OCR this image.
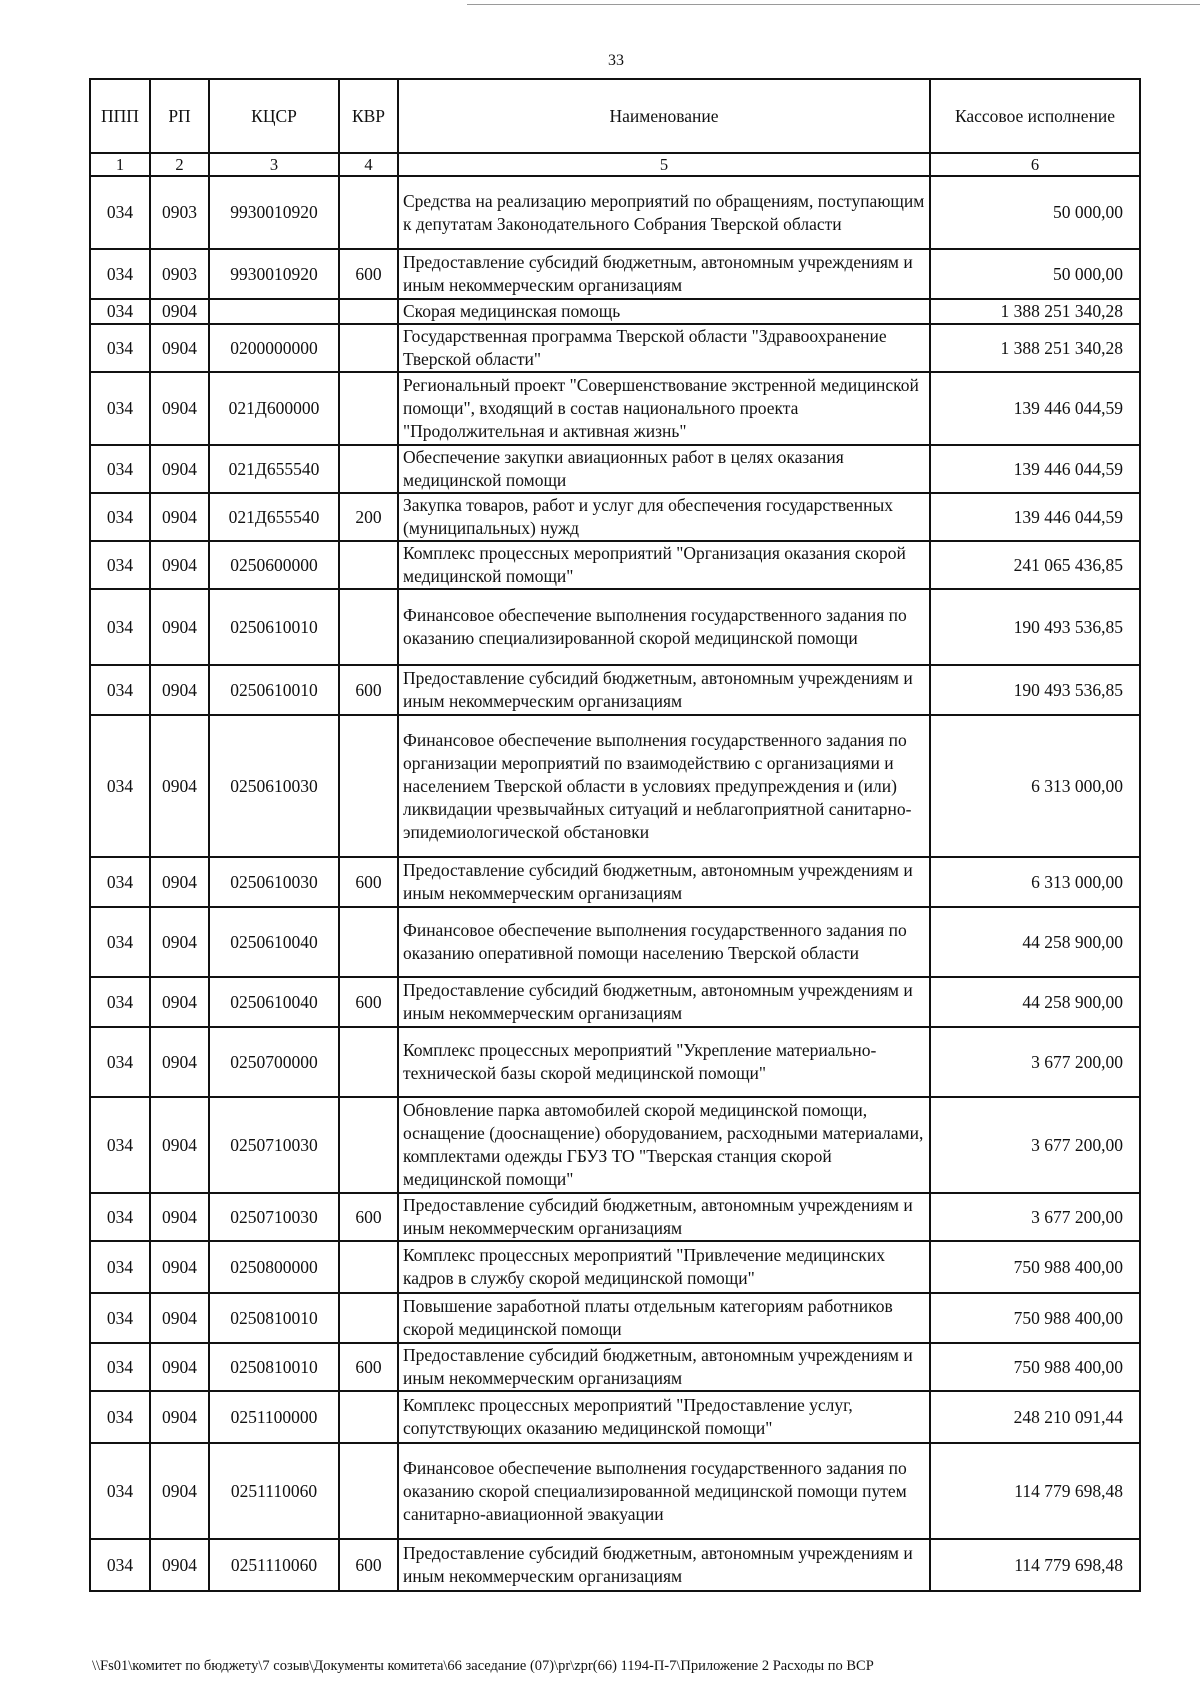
33
ППП	РП	КЦСР	КВР	Наименование	Кассовое исполнение
1	2	3	4	5	6
034	0903	9930010920		Средства на реализацию мероприятий по обращениям, поступающим к депутатам Законодательного Собрания Тверской области	50 000,00
034	0903	9930010920	600	Предоставление субсидий бюджетным, автономным учреждениям и иным некоммерческим организациям	50 000,00
034	0904			Скорая медицинская помощь	1 388 251 340,28
034	0904	0200000000		Государственная программа Тверской области "Здравоохранение Тверской области"	1 388 251 340,28
034	0904	021Д600000		Региональный проект "Совершенствование экстренной медицинской помощи", входящий в состав национального проекта "Продолжительная и активная жизнь"	139 446 044,59
034	0904	021Д655540		Обеспечение закупки авиационных работ в целях оказания медицинской помощи	139 446 044,59
034	0904	021Д655540	200	Закупка товаров, работ и услуг для обеспечения государственных (муниципальных) нужд	139 446 044,59
034	0904	0250600000		Комплекс процессных мероприятий "Организация оказания скорой медицинской помощи"	241 065 436,85
034	0904	0250610010		Финансовое обеспечение выполнения государственного задания по оказанию специализированной скорой медицинской помощи	190 493 536,85
034	0904	0250610010	600	Предоставление субсидий бюджетным, автономным учреждениям и иным некоммерческим организациям	190 493 536,85
034	0904	0250610030		Финансовое обеспечение выполнения государственного задания по организации мероприятий по взаимодействию с организациями и населением Тверской области в условиях предупреждения и (или) ликвидации чрезвычайных ситуаций и неблагоприятной санитарно-эпидемиологической обстановки	6 313 000,00
034	0904	0250610030	600	Предоставление субсидий бюджетным, автономным учреждениям и иным некоммерческим организациям	6 313 000,00
034	0904	0250610040		Финансовое обеспечение выполнения государственного задания по оказанию оперативной помощи населению Тверской области	44 258 900,00
034	0904	0250610040	600	Предоставление субсидий бюджетным, автономным учреждениям и иным некоммерческим организациям	44 258 900,00
034	0904	0250700000		Комплекс процессных мероприятий "Укрепление материально-технической базы скорой медицинской помощи"	3 677 200,00
034	0904	0250710030		Обновление парка автомобилей скорой медицинской помощи, оснащение (дооснащение) оборудованием, расходными материалами, комплектами одежды ГБУЗ ТО "Тверская станция скорой медицинской помощи"	3 677 200,00
034	0904	0250710030	600	Предоставление субсидий бюджетным, автономным учреждениям и иным некоммерческим организациям	3 677 200,00
034	0904	0250800000		Комплекс процессных мероприятий "Привлечение медицинских кадров в службу скорой медицинской помощи"	750 988 400,00
034	0904	0250810010		Повышение заработной платы отдельным категориям работников скорой медицинской помощи	750 988 400,00
034	0904	0250810010	600	Предоставление субсидий бюджетным, автономным учреждениям и иным некоммерческим организациям	750 988 400,00
034	0904	0251100000		Комплекс процессных мероприятий "Предоставление услуг, сопутствующих оказанию медицинской помощи"	248 210 091,44
034	0904	0251110060		Финансовое обеспечение выполнения государственного задания по оказанию скорой специализированной медицинской помощи путем санитарно-авиационной эвакуации	114 779 698,48
034	0904	0251110060	600	Предоставление субсидий бюджетным, автономным учреждениям и иным некоммерческим организациям	114 779 698,48
\\Fs01\комитет по бюджету\7 созыв\Документы комитета\66 заседание (07)\pr\zpr(66) 1194-П-7\Приложение 2 Расходы по ВСР
